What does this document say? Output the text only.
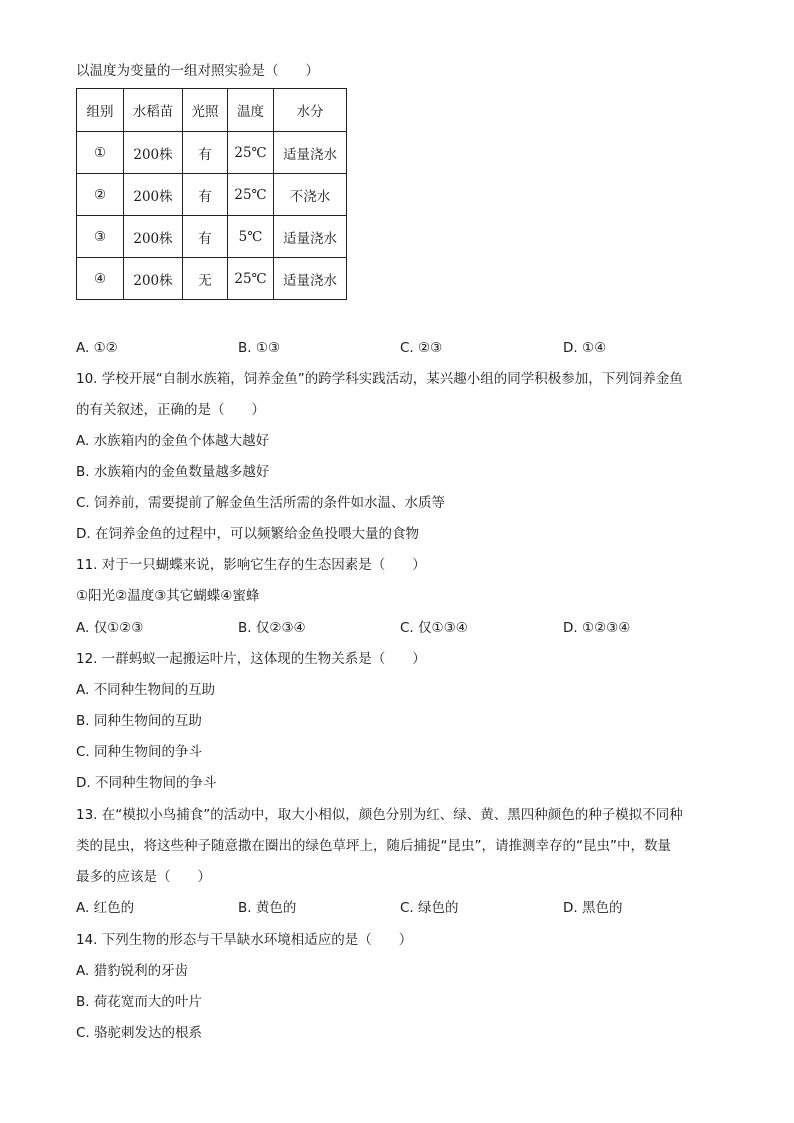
以温度为变量的一组对照实验是（　　）
组别	水稻苗	光照	温度	水分
①	200株	有	25℃	适量浇水
②	200株	有	25℃	不浇水
③	200株	有	5℃	适量浇水
④	200株	无	25℃	适量浇水
A. ①②	B. ①③	C. ②③	D. ①④
10. 学校开展“自制水族箱，饲养金鱼”的跨学科实践活动，某兴趣小组的同学积极参加，下列饲养金鱼
的有关叙述，正确的是（　　）
A. 水族箱内的金鱼个体越大越好
B. 水族箱内的金鱼数量越多越好
C. 饲养前，需要提前了解金鱼生活所需的条件如水温、水质等
D. 在饲养金鱼的过程中，可以频繁给金鱼投喂大量的食物
11. 对于一只蝴蝶来说，影响它生存的生态因素是（　　）
①阳光②温度③其它蝴蝶④蜜蜂
A. 仅①②③	B. 仅②③④	C. 仅①③④	D. ①②③④
12. 一群蚂蚁一起搬运叶片，这体现的生物关系是（　　）
A. 不同种生物间的互助
B. 同种生物间的互助
C. 同种生物间的争斗
D. 不同种生物间的争斗
13. 在“模拟小鸟捕食”的活动中，取大小相似，颜色分别为红、绿、黄、黑四种颜色的种子模拟不同种
类的昆虫，将这些种子随意撒在圈出的绿色草坪上，随后捕捉“昆虫”，请推测幸存的“昆虫”中，数量
最多的应该是（　　）
A. 红色的	B. 黄色的	C. 绿色的	D. 黑色的
14. 下列生物的形态与干旱缺水环境相适应的是（　　）
A. 猎豹锐利的牙齿
B. 荷花宽而大的叶片
C. 骆驼刺发达的根系
